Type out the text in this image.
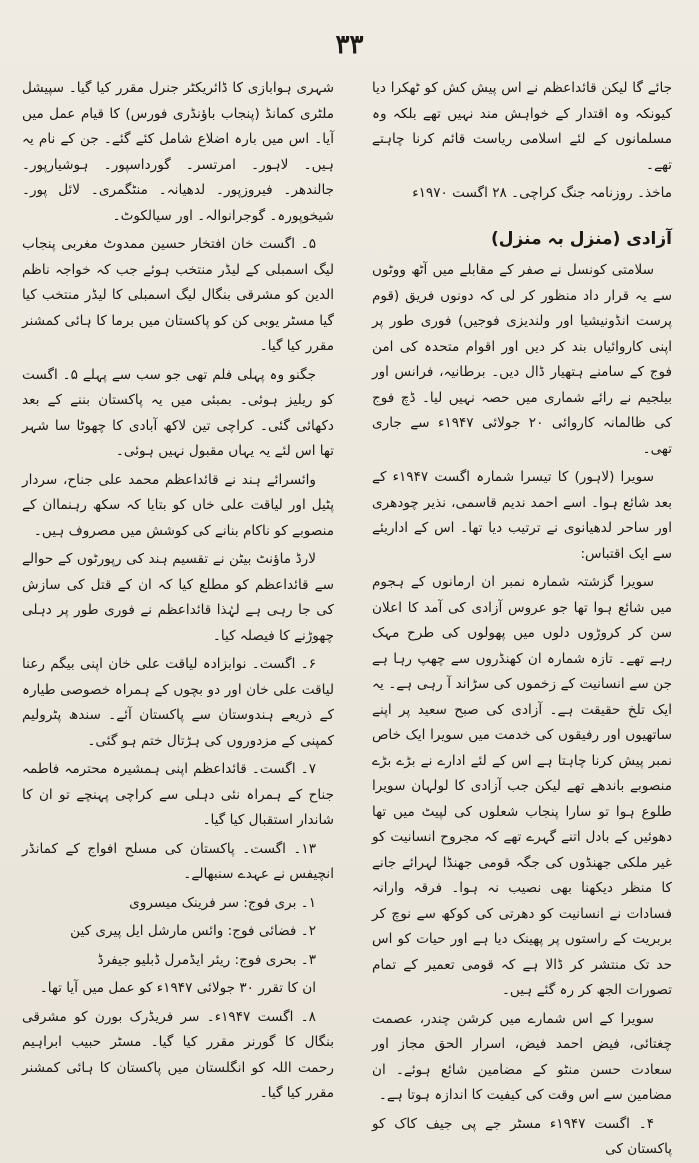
۳۳

جائے گا لیکن قائداعظم نے اس پیش کش کو ٹھکرا دیا کیونکہ وہ اقتدار کے خواہش مند نہیں تھے بلکہ وہ مسلمانوں کے لئے اسلامی ریاست قائم کرنا چاہتے تھے۔

ماخذ۔ روزنامہ جنگ کراچی۔ ۲۸ اگست ۱۹۷۰ء

آزادی (منزل بہ منزل)

سلامتی کونسل نے صفر کے مقابلے میں آٹھ ووٹوں سے یہ قرار داد منظور کر لی کہ دونوں فریق (قوم پرست انڈونیشیا اور ولندیزی فوجیں) فوری طور پر اپنی کاروائیاں بند کر دیں اور اقوام متحدہ کی امن فوج کے سامنے ہتھیار ڈال دیں۔ برطانیہ، فرانس اور بیلجیم نے رائے شماری میں حصہ نہیں لیا۔ ڈچ فوج کی ظالمانہ کاروائی ۲۰ جولائی ۱۹۴۷ء سے جاری تھی۔

سویرا (لاہور) کا تیسرا شمارہ اگست ۱۹۴۷ء کے بعد شائع ہوا۔ اسے احمد ندیم قاسمی، نذیر چودھری اور ساحر لدھیانوی نے ترتیب دیا تھا۔ اس کے اداریئے سے ایک اقتباس:

سویرا گزشتہ شمارہ نمبر ان ارمانوں کے ہجوم میں شائع ہوا تھا جو عروس آزادی کی آمد کا اعلان سن کر کروڑوں دلوں میں پھولوں کی طرح مہک رہے تھے۔ تازہ شمارہ ان کھنڈروں سے چھپ رہا ہے جن سے انسانیت کے زخموں کی سڑاند آ رہی ہے۔ یہ ایک تلخ حقیقت ہے۔ آزادی کی صبح سعید پر اپنے ساتھیوں اور رفیقوں کی خدمت میں سویرا ایک خاص نمبر پیش کرنا چاہتا ہے اس کے لئے ادارے نے بڑے بڑے منصوبے باندھے تھے لیکن جب آزادی کا لولہان سویرا طلوع ہوا تو سارا پنجاب شعلوں کی لپیٹ میں تھا دھوئیں کے بادل اتنے گہرے تھے کہ مجروح انسانیت کو غیر ملکی جھنڈوں کی جگہ قومی جھنڈا لہرائے جانے کا منظر دیکھنا بھی نصیب نہ ہوا۔ فرقہ وارانہ فسادات نے انسانیت کو دھرتی کی کوکھ سے نوچ کر بربریت کے راستوں پر پھینک دیا ہے اور حیات کو اس حد تک منتشر کر ڈالا ہے کہ قومی تعمیر کے تمام تصورات الجھ کر رہ گئے ہیں۔

سویرا کے اس شمارے میں کرشن چندر، عصمت چغتائی، فیض احمد فیض، اسرار الحق مجاز اور سعادت حسن منٹو کے مضامین شائع ہوئے۔ ان مضامین سے اس وقت کی کیفیت کا اندازہ ہوتا ہے۔

۴۔ اگست ۱۹۴۷ء مسٹر جے پی جیف کاک کو پاکستان کی

شہری ہوابازی کا ڈائریکٹر جنرل مقرر کیا گیا۔ سپیشل ملٹری کمانڈ (پنجاب باؤنڈری فورس) کا قیام عمل میں آیا۔ اس میں بارہ اضلاع شامل کئے گئے۔ جن کے نام یہ ہیں۔ لاہور۔ امرتسر۔ گورداسپور۔ ہوشیارپور۔ جالندھر۔ فیروزپور۔ لدھیانہ۔ منٹگمری۔ لائل پور۔ شیخوپورہ۔ گوجرانوالہ۔ اور سیالکوٹ۔

۵۔ اگست خان افتخار حسین ممدوٹ مغربی پنجاب لیگ اسمبلی کے لیڈر منتخب ہوئے جب کہ خواجہ ناظم الدین کو مشرقی بنگال لیگ اسمبلی کا لیڈر منتخب کیا گیا مسٹر یوبی کن کو پاکستان میں برما کا ہائی کمشنر مقرر کیا گیا۔

جگنو وہ پہلی فلم تھی جو سب سے پہلے ۵۔ اگست کو ریلیز ہوئی۔ بمبئی میں یہ پاکستان بننے کے بعد دکھائی گئی۔ کراچی تین لاکھ آبادی کا چھوٹا سا شہر تھا اس لئے یہ یہاں مقبول نہیں ہوئی۔

وائسرائے ہند نے قائداعظم محمد علی جناح، سردار پٹیل اور لیاقت علی خاں کو بتایا کہ سکھ رہنماان کے منصوبے کو ناکام بنانے کی کوشش میں مصروف ہیں۔

لارڈ ماؤنٹ بیٹن نے تقسیم ہند کی رپورٹوں کے حوالے سے قائداعظم کو مطلع کیا کہ ان کے قتل کی سازش کی جا رہی ہے لہٰذا قائداعظم نے فوری طور پر دہلی چھوڑنے کا فیصلہ کیا۔

۶۔ اگست۔ نوابزادہ لیاقت علی خان اپنی بیگم رعنا لیاقت علی خان اور دو بچوں کے ہمراہ خصوصی طیارہ کے ذریعے ہندوستان سے پاکستان آئے۔ سندھ پٹرولیم کمپنی کے مزدوروں کی ہڑتال ختم ہو گئی۔

۷۔ اگست۔ قائداعظم اپنی ہمشیرہ محترمہ فاطمہ جناح کے ہمراہ نئی دہلی سے کراچی پہنچے تو ان کا شاندار استقبال کیا گیا۔

۱۳۔ اگست۔ پاکستان کی مسلح افواج کے کمانڈر انچیفس نے عہدے سنبھالے۔

۱۔ بری فوج: سر فرینک میسروی

۲۔ فضائی فوج: وائس مارشل ایل پیری کین

۳۔ بحری فوج: ریئر ایڈمرل ڈبلیو جیفرڈ

ان کا تقرر ۳۰ جولائی ۱۹۴۷ء کو عمل میں آیا تھا۔

۸۔ اگست ۱۹۴۷ء۔ سر فریڈرک بورن کو مشرقی بنگال کا گورنر مقرر کیا گیا۔ مسٹر حبیب ابراہیم رحمت اللہ کو انگلستان میں پاکستان کا ہائی کمشنر مقرر کیا گیا۔
